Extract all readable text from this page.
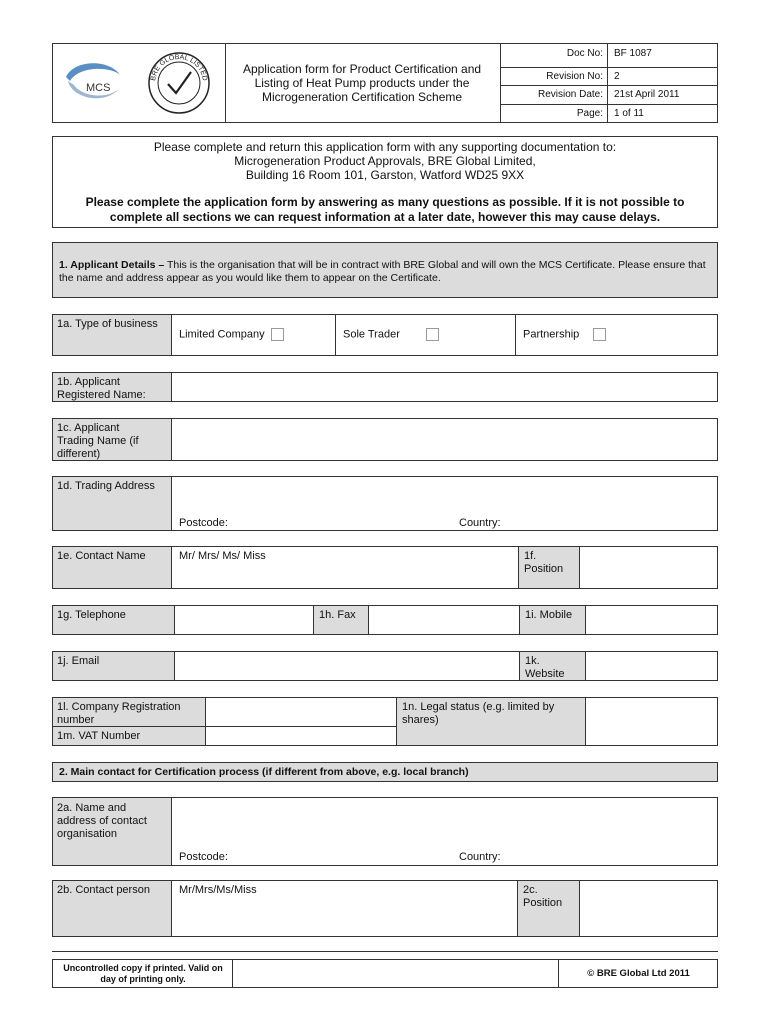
MCS
BRE GLOBAL LISTED
Application form for Product Certification and Listing of Heat Pump products under the Microgeneration Certification Scheme
Doc No: BF 1087
Revision No: 2
Revision Date: 21st April 2011
Page: 1 of 11
Please complete and return this application form with any supporting documentation to:
Microgeneration Product Approvals, BRE Global Limited,
Building 16 Room 101, Garston, Watford WD25 9XX
Please complete the application form by answering as many questions as possible. If it is not possible to complete all sections we can request information at a later date, however this may cause delays.
1. Applicant Details – This is the organisation that will be in contract with BRE Global and will own the MCS Certificate. Please ensure that the name and address appear as you would like them to appear on the Certificate.
1a. Type of business
Limited Company	Sole Trader	Partnership
1b. Applicant Registered Name:
1c. Applicant Trading Name (if different)
1d. Trading Address
Postcode:	Country:
1e. Contact Name	Mr/ Mrs/ Ms/ Miss	1f. Position
1g. Telephone	1h. Fax	1i. Mobile
1j. Email	1k. Website
1l. Company Registration number
1m. VAT Number
1n. Legal status (e.g. limited by shares)
2. Main contact for Certification process (if different from above, e.g. local branch)
2a. Name and address of contact organisation
Postcode:	Country:
2b. Contact person	Mr/Mrs/Ms/Miss	2c. Position
Uncontrolled copy if printed. Valid on day of printing only.	© BRE Global Ltd 2011
